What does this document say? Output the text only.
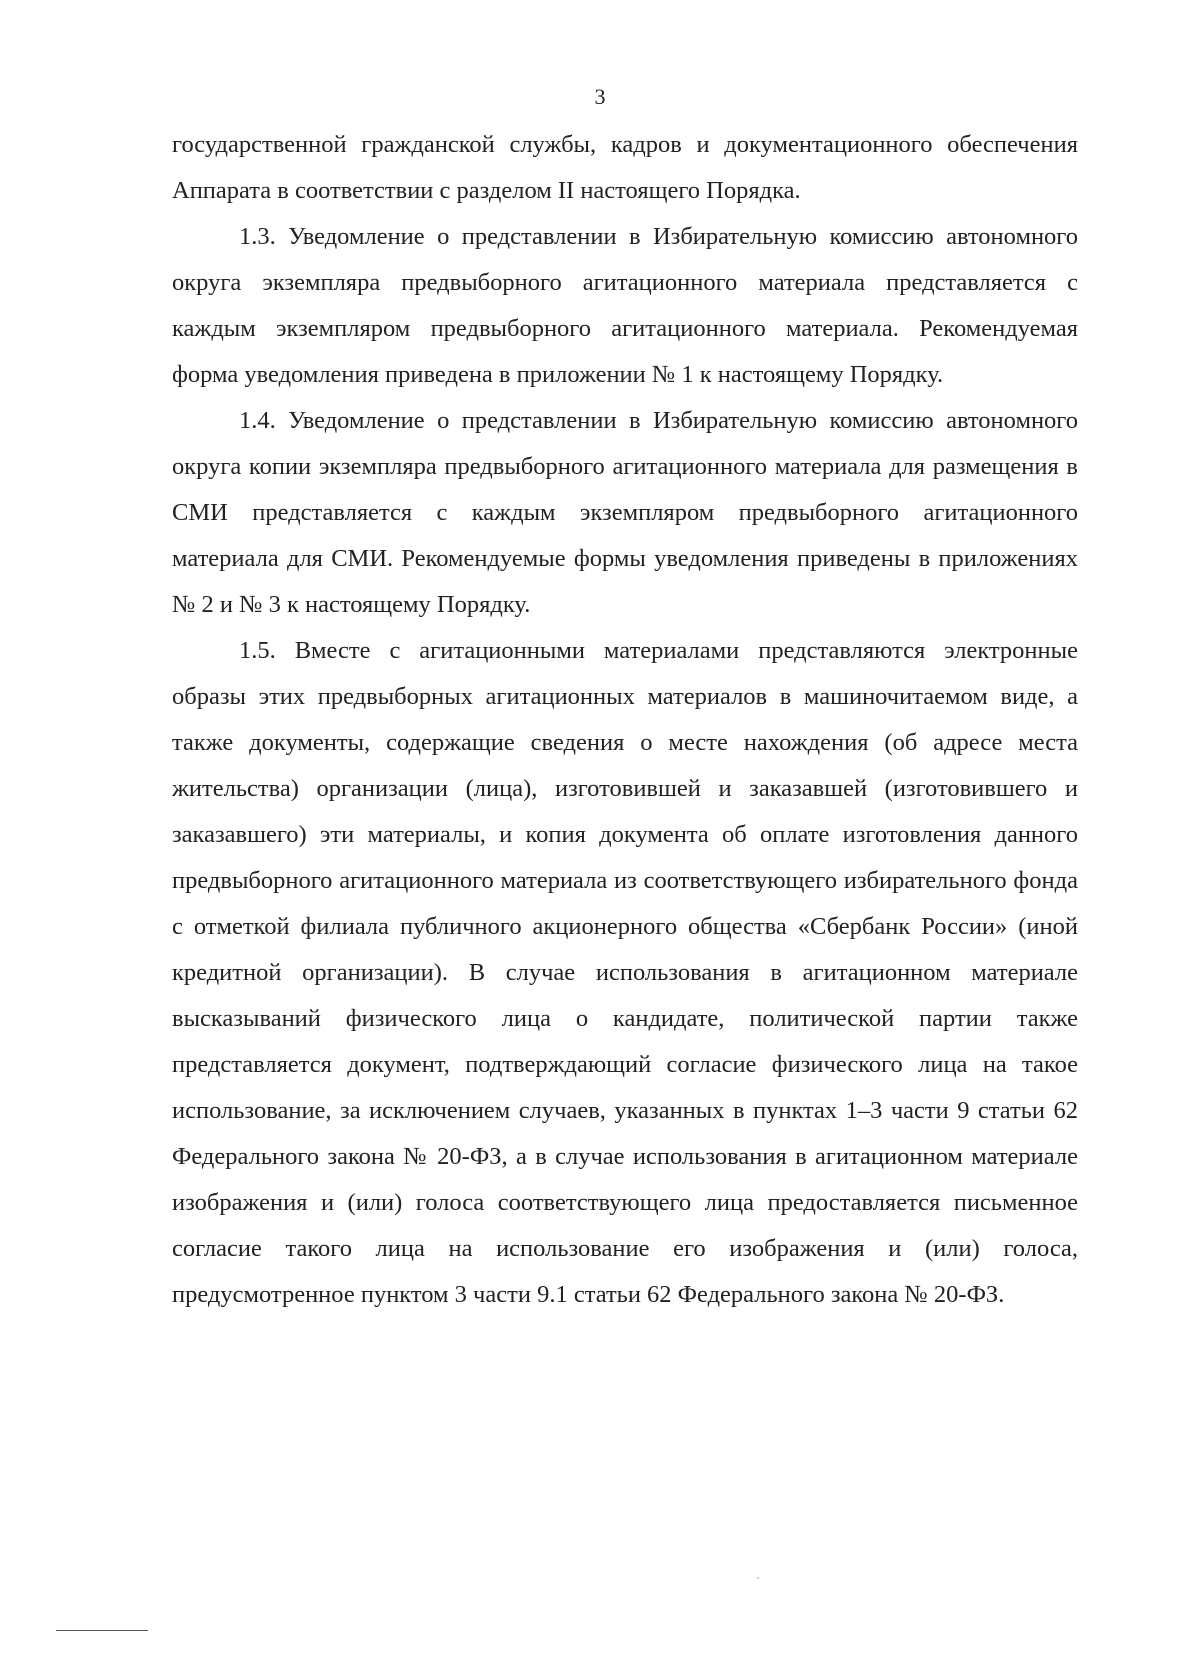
3

государственной гражданской службы, кадров и документационного обеспечения Аппарата в соответствии с разделом II настоящего Порядка.

1.3. Уведомление о представлении в Избирательную комиссию автономного округа экземпляра предвыборного агитационного материала представляется с каждым экземпляром предвыборного агитационного материала. Рекомендуемая форма уведомления приведена в приложении № 1 к настоящему Порядку.

1.4. Уведомление о представлении в Избирательную комиссию автономного округа копии экземпляра предвыборного агитационного материала для размещения в СМИ представляется с каждым экземпляром предвыборного агитационного материала для СМИ. Рекомендуемые формы уведомления приведены в приложениях № 2 и № 3 к настоящему Порядку.

1.5. Вместе с агитационными материалами представляются электронные образы этих предвыборных агитационных материалов в машиночитаемом виде, а также документы, содержащие сведения о месте нахождения (об адресе места жительства) организации (лица), изготовившей и заказавшей (изготовившего и заказавшего) эти материалы, и копия документа об оплате изготовления данного предвыборного агитационного материала из соответствующего избирательного фонда с отметкой филиала публичного акционерного общества «Сбербанк России» (иной кредитной организации). В случае использования в агитационном материале высказываний физического лица о кандидате, политической партии также представляется документ, подтверждающий согласие физического лица на такое использование, за исключением случаев, указанных в пунктах 1–3 части 9 статьи 62 Федерального закона № 20-ФЗ, а в случае использования в агитационном материале изображения и (или) голоса соответствующего лица предоставляется письменное согласие такого лица на использование его изображения и (или) голоса, предусмотренное пунктом 3 части 9.1 статьи 62 Федерального закона № 20-ФЗ.
